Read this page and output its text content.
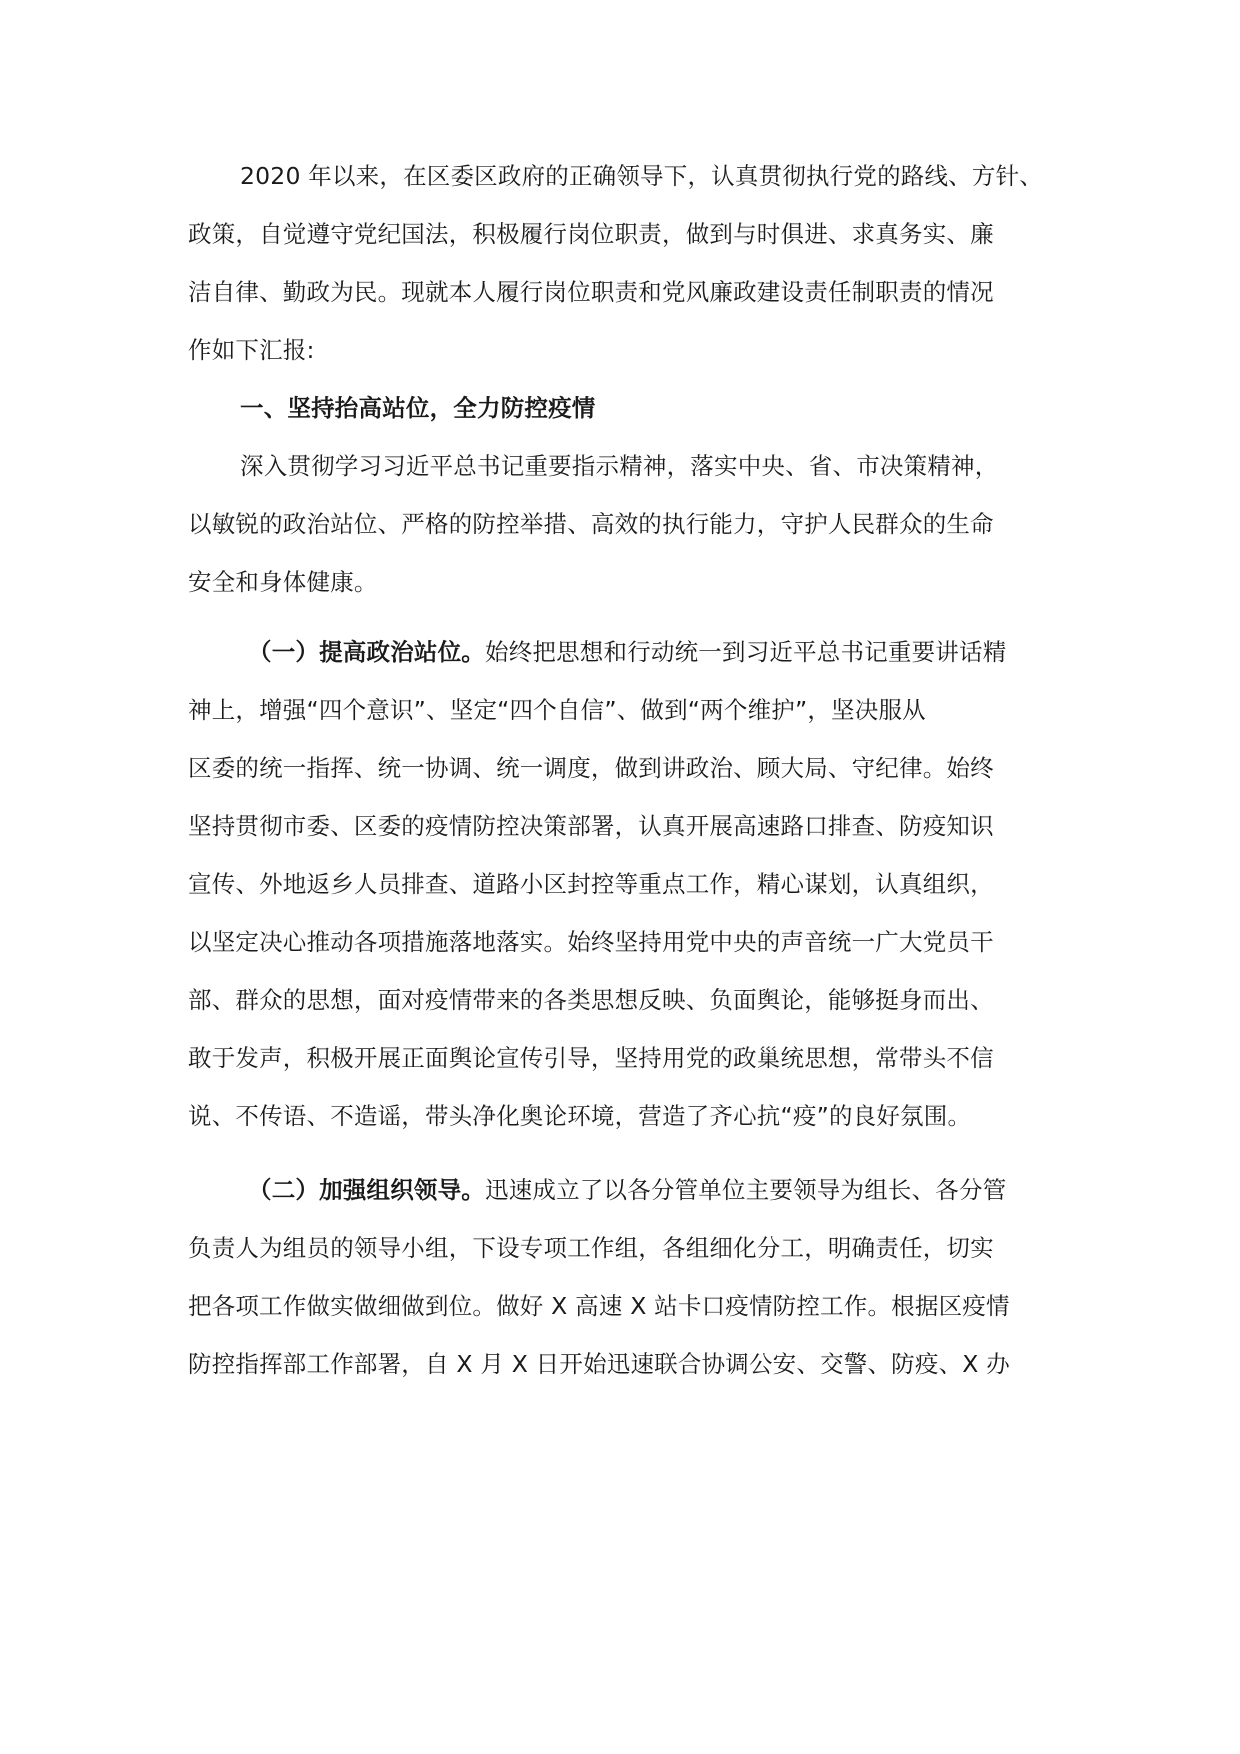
2020 年以来，在区委区政府的正确领导下，认真贯彻执行党的路线、方针、
政策，自觉遵守党纪国法，积极履行岗位职责，做到与时俱进、求真务实、廉
洁自律、勤政为民。现就本人履行岗位职责和党风廉政建设责任制职责的情况
作如下汇报:
一、坚持抬高站位，全力防控疫情
深入贯彻学习习近平总书记重要指示精神，落实中央、省、市决策精神，
以敏锐的政治站位、严格的防控举措、高效的执行能力，守护人民群众的生命
安全和身体健康。
（一）提高政治站位。始终把思想和行动统一到习近平总书记重要讲话精
神上，增强“四个意识”、坚定“四个自信”、做到“两个维护”，坚决服从
区委的统一指挥、统一协调、统一调度，做到讲政治、顾大局、守纪律。始终
坚持贯彻市委、区委的疫情防控决策部署，认真开展高速路口排查、防疫知识
宣传、外地返乡人员排查、道路小区封控等重点工作，精心谋划，认真组织，
以坚定决心推动各项措施落地落实。始终坚持用党中央的声音统一广大党员干
部、群众的思想，面对疫情带来的各类思想反映、负面舆论，能够挺身而出、
敢于发声，积极开展正面舆论宣传引导，坚持用党的政巢统思想，常带头不信
说、不传语、不造谣，带头净化奥论环境，营造了齐心抗“疫”的良好氛围。
（二）加强组织领导。迅速成立了以各分管单位主要领导为组长、各分管
负责人为组员的领导小组，下设专项工作组，各组细化分工，明确责任，切实
把各项工作做实做细做到位。做好 X 高速 X 站卡口疫情防控工作。根据区疫情
防控指挥部工作部署，自 X 月 X 日开始迅速联合协调公安、交警、防疫、X 办
